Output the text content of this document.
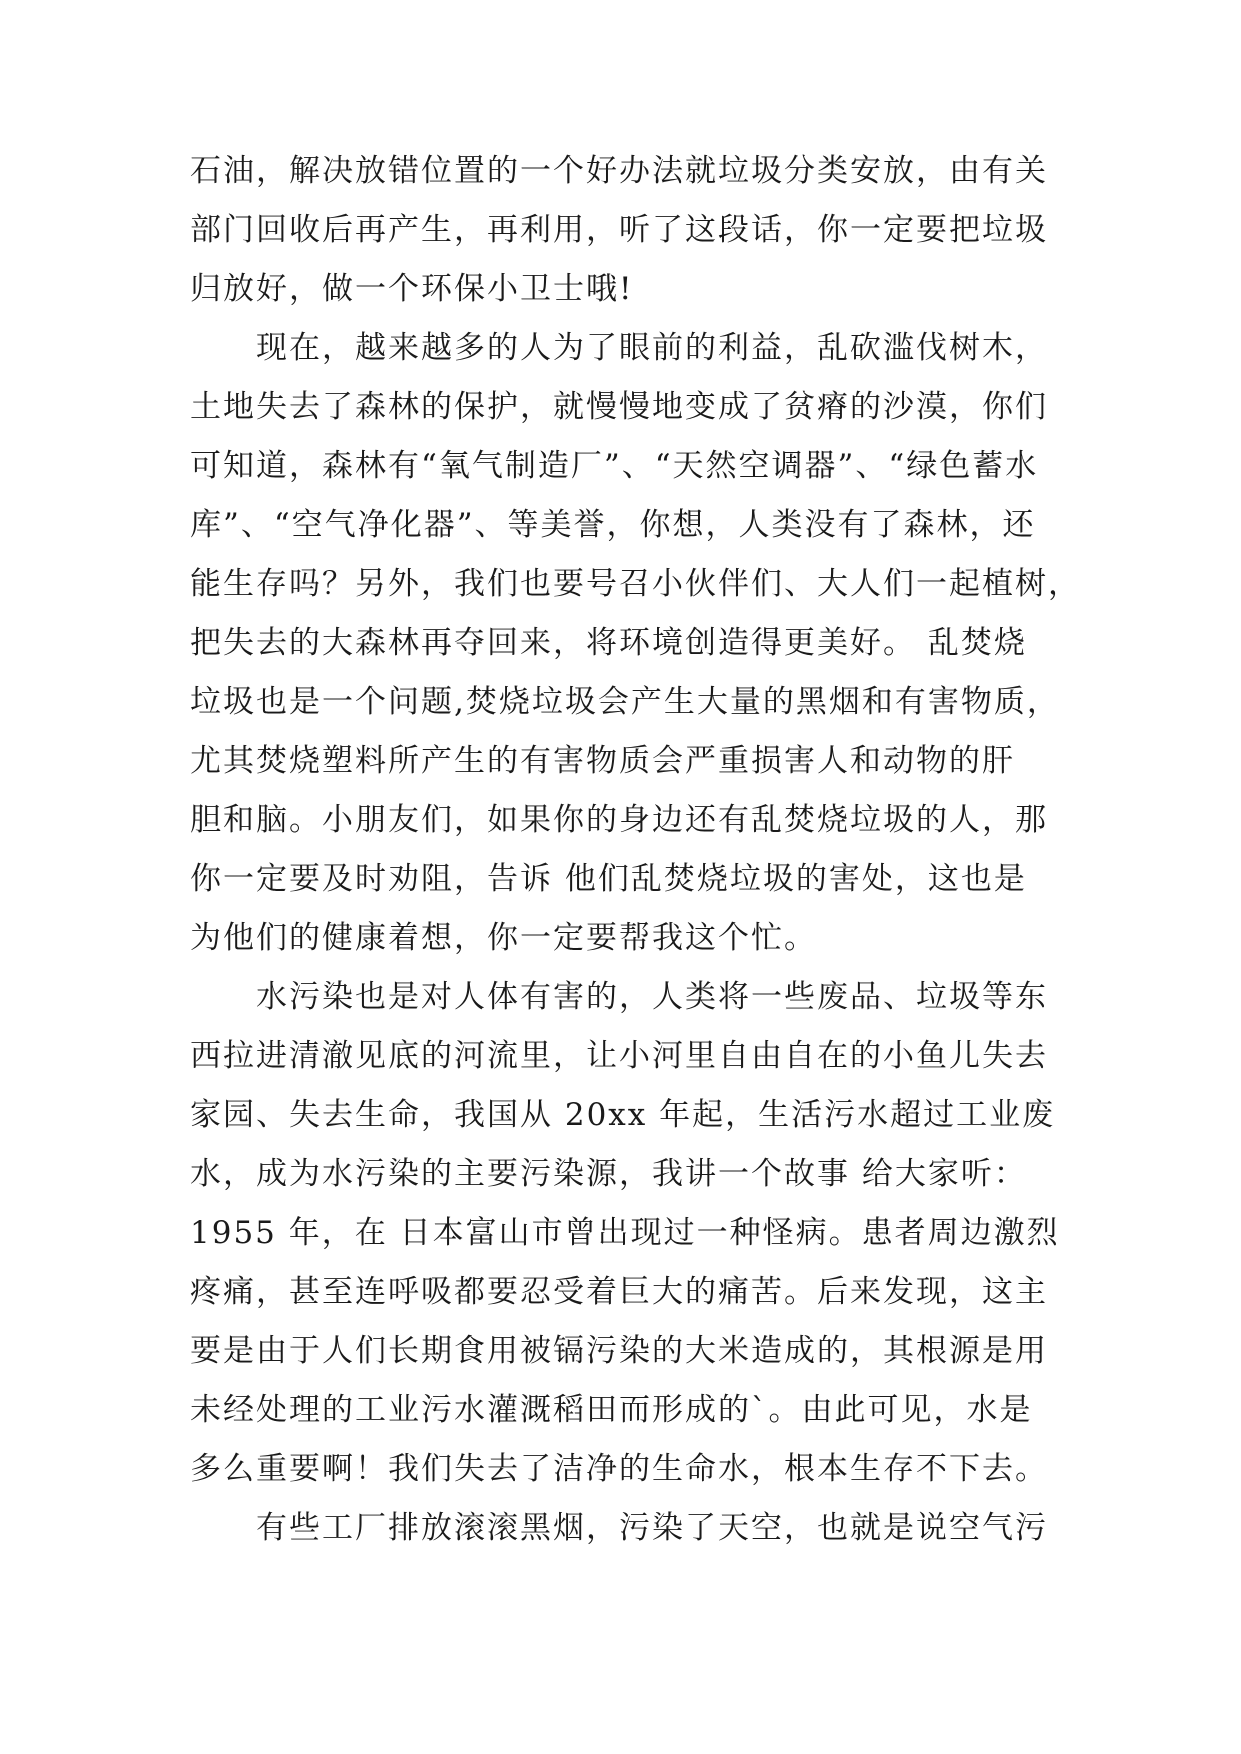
石油，解决放错位置的一个好办法就垃圾分类安放，由有关
部门回收后再产生，再利用，听了这段话，你一定要把垃圾
归放好，做一个环保小卫士哦!
现在，越来越多的人为了眼前的利益，乱砍滥伐树木，
土地失去了森林的保护，就慢慢地变成了贫瘠的沙漠，你们
可知道，森林有“氧气制造厂”、“天然空调器”、“绿色蓄水
库”、“空气净化器”、等美誉，你想，人类没有了森林，还
能生存吗？另外，我们也要号召小伙伴们、大人们一起植树，
把失去的大森林再夺回来，将环境创造得更美好。 乱焚烧
垃圾也是一个问题,焚烧垃圾会产生大量的黑烟和有害物质，
尤其焚烧塑料所产生的有害物质会严重损害人和动物的肝
胆和脑。小朋友们，如果你的身边还有乱焚烧垃圾的人，那
你一定要及时劝阻，告诉 他们乱焚烧垃圾的害处，这也是
为他们的健康着想，你一定要帮我这个忙。
水污染也是对人体有害的，人类将一些废品、垃圾等东
西拉进清澈见底的河流里，让小河里自由自在的小鱼儿失去
家园、失去生命，我国从 20xx 年起，生活污水超过工业废
水，成为水污染的主要污染源，我讲一个故事 给大家听：
1955 年，在 日本富山市曾出现过一种怪病。患者周边激烈
疼痛，甚至连呼吸都要忍受着巨大的痛苦。后来发现，这主
要是由于人们长期食用被镉污染的大米造成的，其根源是用
未经处理的工业污水灌溉稻田而形成的`。由此可见，水是
多么重要啊！我们失去了洁净的生命水，根本生存不下去。
有些工厂排放滚滚黑烟，污染了天空，也就是说空气污
